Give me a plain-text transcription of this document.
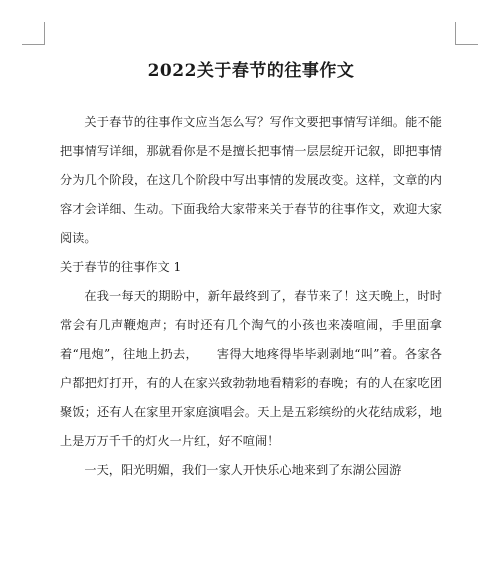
2022关于春节的往事作文

关于春节的往事作文应当怎么写？写作文要把事情写详细。能不能把事情写详细，那就看你是不是擅长把事情一层层绽开记叙，即把事情分为几个阶段，在这几个阶段中写出事情的发展改变。这样，文章的内容才会详细、生动。下面我给大家带来关于春节的往事作文，欢迎大家阅读。

关于春节的往事作文 1

在我一每天的期盼中，新年最终到了，春节来了！这天晚上，时时常会有几声鞭炮声；有时还有几个淘气的小孩也来凑喧闹，手里面拿着“甩炮”，往地上扔去，　　害得大地疼得毕毕剥剥地“叫”着。各家各户都把灯打开，有的人在家兴致勃勃地看精彩的春晚；有的人在家吃团聚饭；还有人在家里开家庭演唱会。天上是五彩缤纷的火花结成彩，地上是万万千千的灯火一片红，好不喧闹！

一天，阳光明媚，我们一家人开快乐心地来到了东湖公园游
